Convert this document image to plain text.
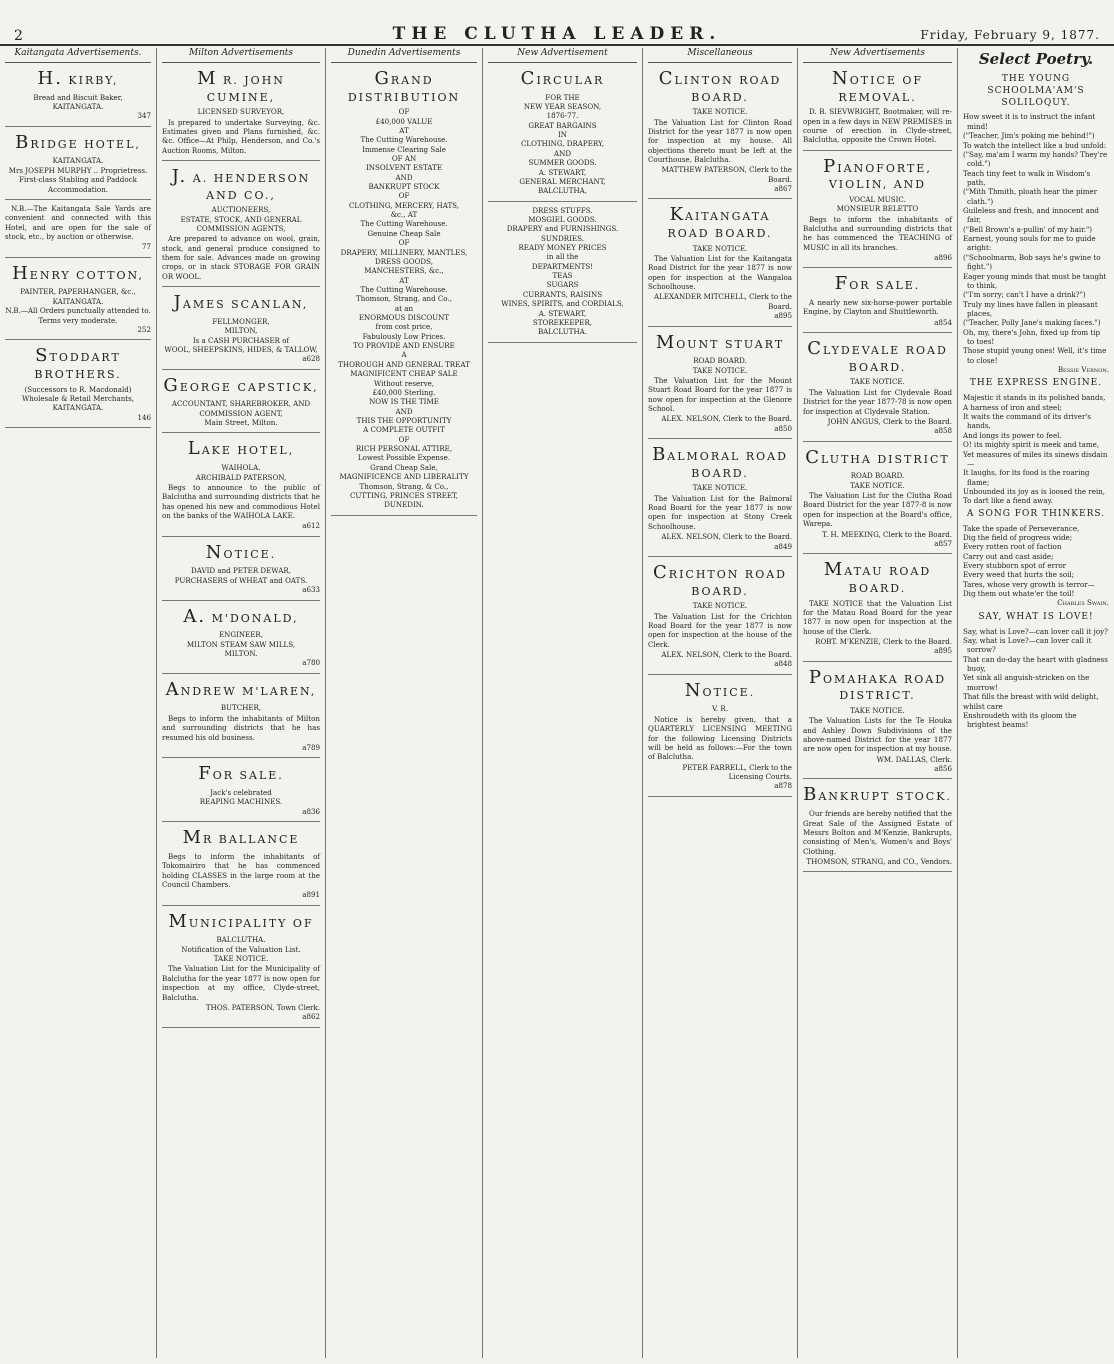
2	THE CLUTHA LEADER.	Friday, February 9, 1877.
Kaitangata Advertisements.
H. KIRBY,
Bread and Biscuit Baker,
KAITANGATA.
347
BRIDGE HOTEL,
KAITANGATA.
Mrs JOSEPH MURPHY .. Proprietress.
First-class Stabling and Paddock Accommodation.
N.B.—The Kaitangata Sale Yards are convenient and connected with this Hotel, and are open for the sale of stock, etc., by auction or otherwise.
77
HENRY COTTON,
PAINTER, PAPERHANGER, &c.,
KAITANGATA.
N.B.—All Orders punctually attended to.
Terms very moderate.
252
STODDART BROTHERS.
(Successors to R. Macdonald)
Wholesale & Retail Merchants,
KAITANGATA.
146
Milton Advertisements
M R. JOHN CUMINE,
LICENSED SURVEYOR,
Is prepared to undertake Surveying, &c. Estimates given and Plans furnished, &c. &c. Office—At Philp, Henderson, and Co.'s Auction Rooms, Milton.
J. A. HENDERSON AND CO.,
AUCTIONEERS,
ESTATE, STOCK, AND GENERAL COMMISSION AGENTS,
Are prepared to advance on wool, grain, stock, and general produce consigned to them for sale. Advances made on growing crops, or in stack STORAGE FOR GRAIN OR WOOL.
JAMES SCANLAN,
FELLMONGER,
MILTON,
Is a CASH PURCHASER of
WOOL, SHEEPSKINS, HIDES, & TALLOW,
a628
GEORGE CAPSTICK,
ACCOUNTANT, SHAREBROKER, AND
COMMISSION AGENT,
Main Street, Milton.
LAKE HOTEL,
WAIHOLA.
ARCHIBALD PATERSON,
Begs to announce to the public of Balclutha and surrounding districts that he has opened his new and commodious Hotel on the banks of the WAIHOLA LAKE.
a612
NOTICE.
DAVID and PETER DEWAR,
PURCHASERS of WHEAT and OATS.
a633
A. M'DONALD,
ENGINEER,
MILTON STEAM SAW MILLS,
MILTON.
a780
ANDREW M'LAREN,
BUTCHER,
Begs to inform the inhabitants of Milton and surrounding districts that he has resumed his old business.
a789
FOR SALE.
Jack's celebrated
REAPING MACHINES.
a836
MR BALLANCE
Begs to inform the inhabitants of Tokomairiro that he has commenced holding CLASSES in the large room at the Council Chambers.
a891
MUNICIPALITY OF
BALCLUTHA.
Notification of the Valuation List.
TAKE NOTICE.
The Valuation List for the Municipality of Balclutha for the year 1877 is now open for inspection at my office, Clyde-street, Balclutha.
THOS. PATERSON, Town Clerk.
a862
Dunedin Advertisements
GRAND DISTRIBUTION
OF
£40,000 VALUE
AT
The Cutting Warehouse.
Immense Clearing Sale
OF AN
INSOLVENT ESTATE
AND
BANKRUPT STOCK
OF
CLOTHING, MERCERY, HATS,
&c., AT
The Cutting Warehouse.
Genuine Cheap Sale
OF
DRAPERY, MILLINERY, MANTLES,
DRESS GOODS,
MANCHESTERS, &c.,
AT
The Cutting Warehouse.
Thomson, Strang, and Co.,
at an
ENORMOUS DISCOUNT
from cost price,
Fabulously Low Prices.
TO PROVIDE AND ENSURE
A
THOROUGH AND GENERAL TREAT
MAGNIFICENT CHEAP SALE
Without reserve,
£40,000 Sterling.
NOW IS THE TIME
AND
THIS THE OPPORTUNITY
A COMPLETE OUTFIT
OF
RICH PERSONAL ATTIRE,
Lowest Possible Expense.
Grand Cheap Sale,
MAGNIFICENCE AND LIBERALITY
Thomson, Strang, & Co.,
CUTTING, PRINCES STREET,
DUNEDIN.
New Advertisement
CIRCULAR
FOR THE
NEW YEAR SEASON,
1876-77.
GREAT BARGAINS
IN
CLOTHING, DRAPERY,
AND
SUMMER GOODS.
A. STEWART,
GENERAL MERCHANT,
BALCLUTHA,
DRESS STUFFS.
MOSGIEL GOODS.
DRAPERY and FURNISHINGS.
SUNDRIES.
READY MONEY PRICES
in all the
DEPARTMENTS!
TEAS
SUGARS
CURRANTS, RAISINS
WINES, SPIRITS, and CORDIALS,
A. STEWART,
STOREKEEPER,
BALCLUTHA.
Miscellaneous
CLINTON ROAD BOARD.
TAKE NOTICE.
The Valuation List for Clinton Road District for the year 1877 is now open for inspection at my house. All objections thereto must be left at the Courthouse, Balclutha.
MATTHEW PATERSON, Clerk to the Board.
a867
KAITANGATA ROAD BOARD.
TAKE NOTICE.
The Valuation List for the Kaitangata Road District for the year 1877 is now open for inspection at the Wangaloa Schoolhouse.
ALEXANDER MITCHELL, Clerk to the Board.
a895
MOUNT STUART
ROAD BOARD.
TAKE NOTICE.
The Valuation List for the Mount Stuart Road Board for the year 1877 is now open for inspection at the Glenore School.
ALEX. NELSON, Clerk to the Board.
a850
BALMORAL ROAD BOARD.
TAKE NOTICE.
The Valuation List for the Balmoral Road Board for the year 1877 is now open for inspection at Stony Creek Schoolhouse.
ALEX. NELSON, Clerk to the Board.
a849
CRICHTON ROAD BOARD.
TAKE NOTICE.
The Valuation List for the Crichton Road Board for the year 1877 is now open for inspection at the house of the Clerk.
ALEX. NELSON, Clerk to the Board.
a848
NOTICE.
V. R.
Notice is hereby given, that a QUARTERLY LICENSING MEETING for the following Licensing Districts will be held as follows:—For the town of Balclutha.
PETER FARRELL, Clerk to the Licensing Courts.
a878
New Advertisements
NOTICE OF REMOVAL.
D. B. SIEVWRIGHT, Bootmaker, will re-open in a few days in NEW PREMISES in course of erection in Clyde-street, Balclutha, opposite the Crown Hotel.
PIANOFORTE, VIOLIN, AND
VOCAL MUSIC.
MONSIEUR BELETTO
Begs to inform the inhabitants of Balclutha and surrounding districts that he has commenced the TEACHING of MUSIC in all its branches.
a896
FOR SALE.
A nearly new six-horse-power portable Engine, by Clayton and Shuttleworth.
a854
CLYDEVALE ROAD BOARD.
TAKE NOTICE.
The Valuation List for Clydevale Road District for the year 1877-78 is now open for inspection at Clydevale Station.
JOHN ANGUS, Clerk to the Board.
a858
CLUTHA DISTRICT
ROAD BOARD.
TAKE NOTICE.
The Valuation List for the Clutha Road Board District for the year 1877-8 is now open for inspection at the Board's office, Warepa.
T. H. MEEKING, Clerk to the Board.
a857
MATAU ROAD BOARD.
TAKE NOTICE that the Valuation List for the Matau Road Board for the year 1877 is now open for inspection at the house of the Clerk.
ROBT. M'KENZIE, Clerk to the Board.
a895
POMAHAKA ROAD DISTRICT.
TAKE NOTICE.
The Valuation Lists for the Te Houka and Ashley Down Subdivisions of the above-named District for the year 1877 are now open for inspection at my house.
WM. DALLAS, Clerk.
a856
BANKRUPT STOCK.
Our friends are hereby notified that the Great Sale of the Assigned Estate of Messrs Bolton and M'Kenzie, Bankrupts, consisting of Men's, Women's and Boys' Clothing.
THOMSON, STRANG, and CO., Vendors.
Select Poetry.
THE YOUNG SCHOOLMA'AM'S SOLILOQUY.
How sweet it is to instruct the infant mind!
("Teacher, Jim's poking me behind!")
To watch the intellect like a bud unfold:
("Say, ma'am I warm my hands? They're cold.")
Teach tiny feet to walk in Wisdom's path,
("Mith Thmith, ploath hear the pimer clath.")
Guileless and fresh, and innocent and fair,
("Bell Brown's a-pullin' of my hair.")
Earnest, young souls for me to guide aright:
("Schoolmarm, Bob says he's gwine to fight.")
Eager young minds that must be taught to think,
("I'm sorry; can't I have a drink?")
Truly my lines have fallen in pleasant places,
("Teacher, Polly Jane's making faces.")
Oh, my, there's John, fixed up from tip to toes!
Those stupid young ones! Well, it's time to close!
Bessie Vernon.
THE EXPRESS ENGINE.
Majestic it stands in its polished bands,
A harness of iron and steel;
It waits the command of its driver's hands,
And longs its power to feel.
O! its mighty spirit is meek and tame,
Yet measures of miles its sinews disdain—
It laughs, for its food is the roaring flame;
Unbounded its joy as is loosed the rein,
To dart like a fiend away.
A SONG FOR THINKERS.
Take the spade of Perseverance,
Dig the field of progress wide;
Every rotten root of faction
Carry out and cast aside;
Every stubborn spot of error
Every weed that hurts the soil;
Tares, whose very growth is terror—
Dig them out whate'er the toil!
Charles Swain.
SAY, WHAT IS LOVE!
Say, what is Love?—can lover call it joy?
Say, what is Love?—can lover call it sorrow?
That can do-day the heart with gladness buoy,
Yet sink all anguish-stricken on the morrow!
That fills the breast with wild delight,
whilst care
Enshroudeth with its gloom the brightest beams!
